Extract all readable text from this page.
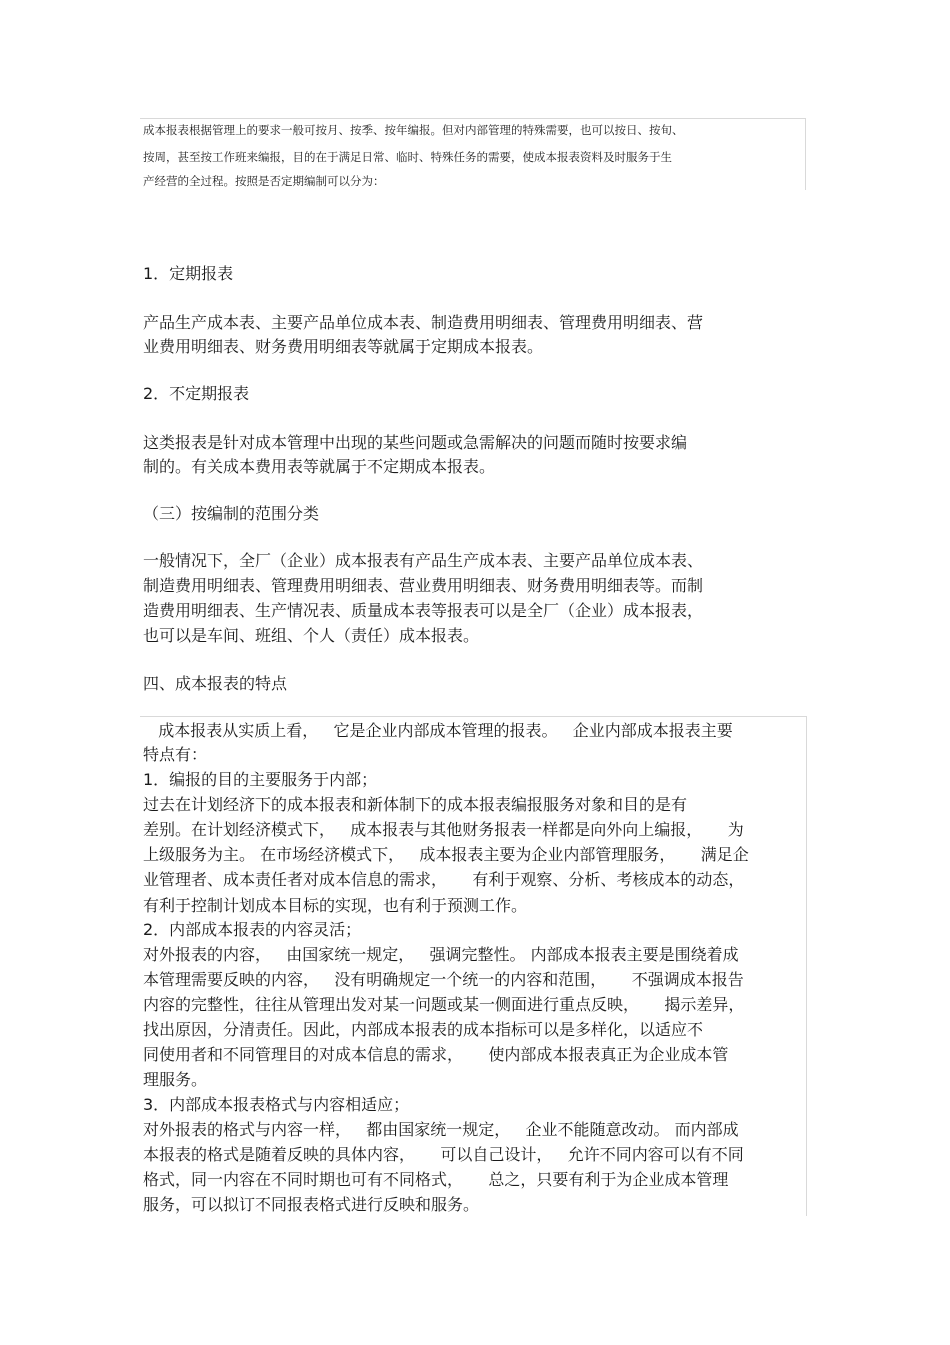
成本报表根据管理上的要求一般可按月、按季、按年编报。但对内部管理的特殊需要，也可以按日、按旬、
按周，甚至按工作班来编报，目的在于满足日常、临时、特殊任务的需要，使成本报表资料及时服务于生
产经营的全过程。按照是否定期编制可以分为：
1．定期报表
产品生产成本表、主要产品单位成本表、制造费用明细表、管理费用明细表、营
业费用明细表、财务费用明细表等就属于定期成本报表。
2．不定期报表
这类报表是针对成本管理中出现的某些问题或急需解决的问题而随时按要求编
制的。有关成本费用表等就属于不定期成本报表。
（三）按编制的范围分类
一般情况下，全厂（企业）成本报表有产品生产成本表、主要产品单位成本表、
制造费用明细表、管理费用明细表、营业费用明细表、财务费用明细表等。而制
造费用明细表、生产情况表、质量成本表等报表可以是全厂（企业）成本报表，
也可以是车间、班组、个人（责任）成本报表。
四、成本报表的特点
成本报表从实质上看，   它是企业内部成本管理的报表。   企业内部成本报表主要
特点有：
1．编报的目的主要服务于内部；
过去在计划经济下的成本报表和新体制下的成本报表编报服务对象和目的是有
差别。在计划经济模式下，   成本报表与其他财务报表一样都是向外向上编报，     为
上级服务为主。 在市场经济模式下，   成本报表主要为企业内部管理服务，     满足企
业管理者、成本责任者对成本信息的需求，     有利于观察、分析、考核成本的动态，
有利于控制计划成本目标的实现，也有利于预测工作。
2．内部成本报表的内容灵活；
对外报表的内容，   由国家统一规定，   强调完整性。 内部成本报表主要是围绕着成
本管理需要反映的内容，   没有明确规定一个统一的内容和范围，     不强调成本报告
内容的完整性，往往从管理出发对某一问题或某一侧面进行重点反映，     揭示差异，
找出原因，分清责任。因此，内部成本报表的成本指标可以是多样化，以适应不
同使用者和不同管理目的对成本信息的需求，     使内部成本报表真正为企业成本管
理服务。
3．内部成本报表格式与内容相适应；
对外报表的格式与内容一样，   都由国家统一规定，   企业不能随意改动。 而内部成
本报表的格式是随着反映的具体内容，     可以自己设计，   允许不同内容可以有不同
格式，同一内容在不同时期也可有不同格式，     总之，只要有利于为企业成本管理
服务，可以拟订不同报表格式进行反映和服务。
